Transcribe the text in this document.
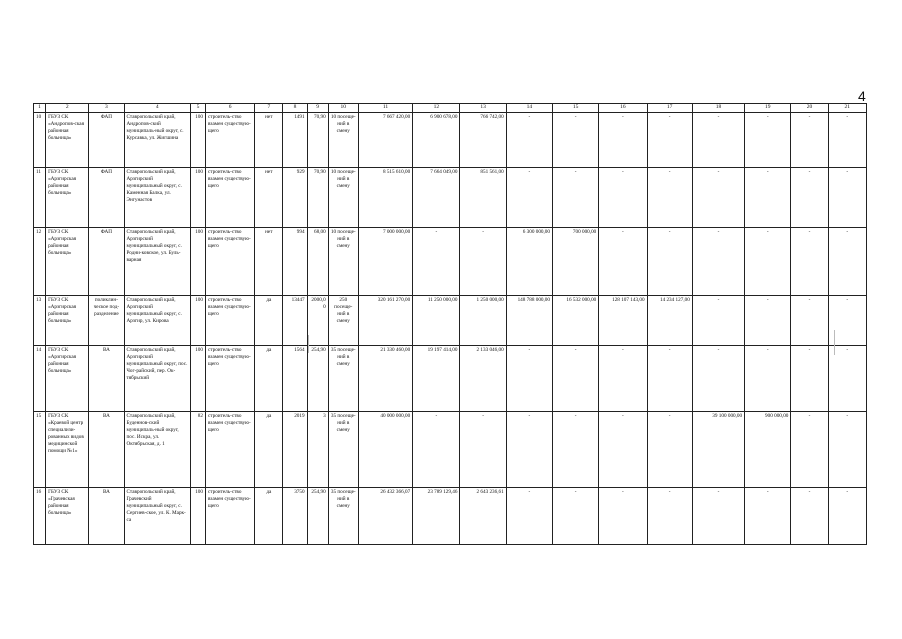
4
1	2	3	4	5	6	7	8	9	10	11	12	13	14	15	16	17	18	19	20	21
10	ГБУЗ СК «Андропов-ская районная больница»	ФАП	Ставропольский край, Андропов-ский муниципаль-ный округ, с. Курсавка, ул. Жигшина	100	строитель-ство взамен существую-щего	нет	1491	70,90	10 посеще-ний в смену	7 667 420,00	6 900 678,00	766 742,00	-	-	-	-	-	-	-	-
11	ГБУЗ СК «Арзгирская районная больница»	ФАП	Ставропольский край, Арзгирский муниципальный округ, с. Каменная Балка, ул. Энгунастов	100	строитель-ство взамен существую-щего	нет	929	70,90	10 посеще-ний в смену	8 515 610,00	7 664 049,00	851 561,00	-	-	-	-	-	-	-	-
12	ГБУЗ СК «Арзгирская районная больница»	ФАП	Ставропольский край, Арзгирский муниципальный округ, с. Родни-ковское, ул. Буль-варная	100	строитель-ство взамен существую-щего	нет	994	68,00	10 посеще-ний в смену	7 000 000,00	-	-	6 300 000,00	700 000,00	-	-	-	-	-	-
13	ГБУЗ СК «Арзгирская районная больница»	поликлин-ческое под-разделение	Ставропольский край, Арзгирский муниципальный округ, с. Арзгир, ул. Кирова	100	строитель-ство взамен существую-щего	да	13447	2000,00	250 посеще-ний в смену	320 161 270,00	11 250 000,00	1 250 000,00	148 788 000,00	16 532 000,00	128 107 143,00	14 234 127,00	-	-	-	-
14	ГБУЗ СК «Арзгирская районная больница»	ВА	Ставропольский край, Арзгирский муниципальный округ, пос. Чог-райский, пер. Ок-тябрьский	100	строитель-ство взамен существую-щего	да	1564	254,90	35 посеще-ний в смену	21 330 460,00	19 197 414,00	2 133 046,00	-	-	-	-	-	-	-	-
15	ГБУЗ СК «Краевой центр специализи-рованных видов медицинской помощи №1»	ВА	Ставропольский край, Буденнов-ский муниципаль-ный округ, пос. Искра, ул. Октябрьская, д. 1	82	строитель-ство взамен существую-щего	да	2019	3	35 посеще-ний в смену	40 000 000,00	-	-	-	-	-	-	39 100 000,00	900 000,00	-	-
16	ГБУЗ СК «Грачевская районная больница»	ВА	Ставропольский край, Грачевский муниципальный округ, с. Сергиев-ское, ул. К. Марк-са	100	строитель-ство взамен существую-щего	да	3750	254,90	35 посеще-ний в смену	26 432 366,07	23 789 129,46	2 643 236,61	-	-	-	-	-	-	-	-
